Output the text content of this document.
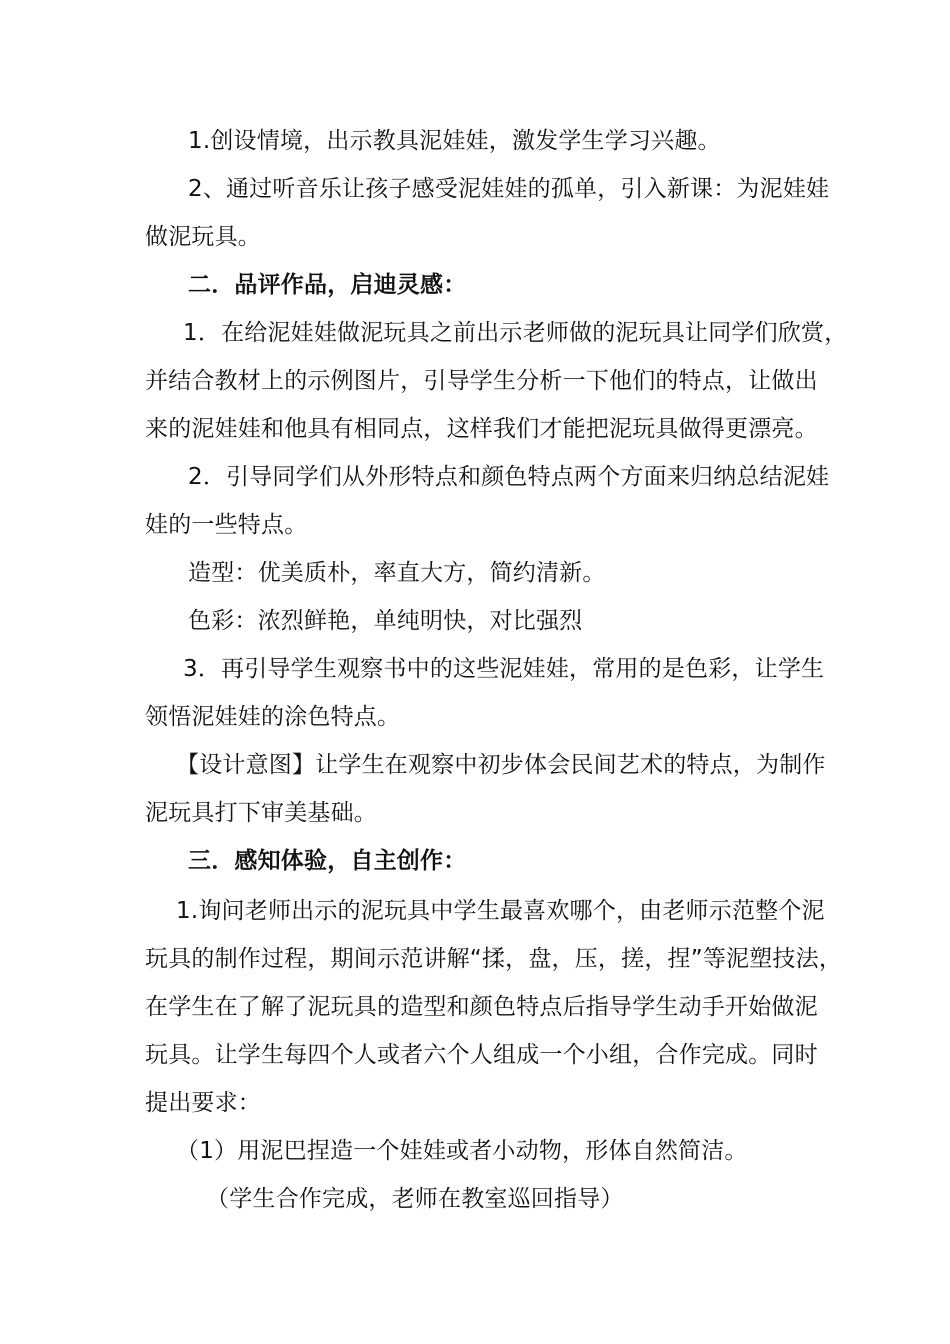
1.创设情境，出示教具泥娃娃，激发学生学习兴趣。
2、通过听音乐让孩子感受泥娃娃的孤单，引入新课：为泥娃娃
做泥玩具。
二．品评作品，启迪灵感：
1．在给泥娃娃做泥玩具之前出示老师做的泥玩具让同学们欣赏，
并结合教材上的示例图片，引导学生分析一下他们的特点，让做出
来的泥娃娃和他具有相同点，这样我们才能把泥玩具做得更漂亮。
2．引导同学们从外形特点和颜色特点两个方面来归纳总结泥娃
娃的一些特点。
造型：优美质朴，率直大方，简约清新。
色彩：浓烈鲜艳，单纯明快，对比强烈
3．再引导学生观察书中的这些泥娃娃，常用的是色彩，让学生
领悟泥娃娃的涂色特点。
【设计意图】让学生在观察中初步体会民间艺术的特点，为制作
泥玩具打下审美基础。
三．感知体验，自主创作：
1.询问老师出示的泥玩具中学生最喜欢哪个，由老师示范整个泥
玩具的制作过程，期间示范讲解“揉，盘，压，搓，捏”等泥塑技法，
在学生在了解了泥玩具的造型和颜色特点后指导学生动手开始做泥
玩具。让学生每四个人或者六个人组成一个小组，合作完成。同时
提出要求：
（1）用泥巴捏造一个娃娃或者小动物，形体自然简洁。
（学生合作完成，老师在教室巡回指导）
